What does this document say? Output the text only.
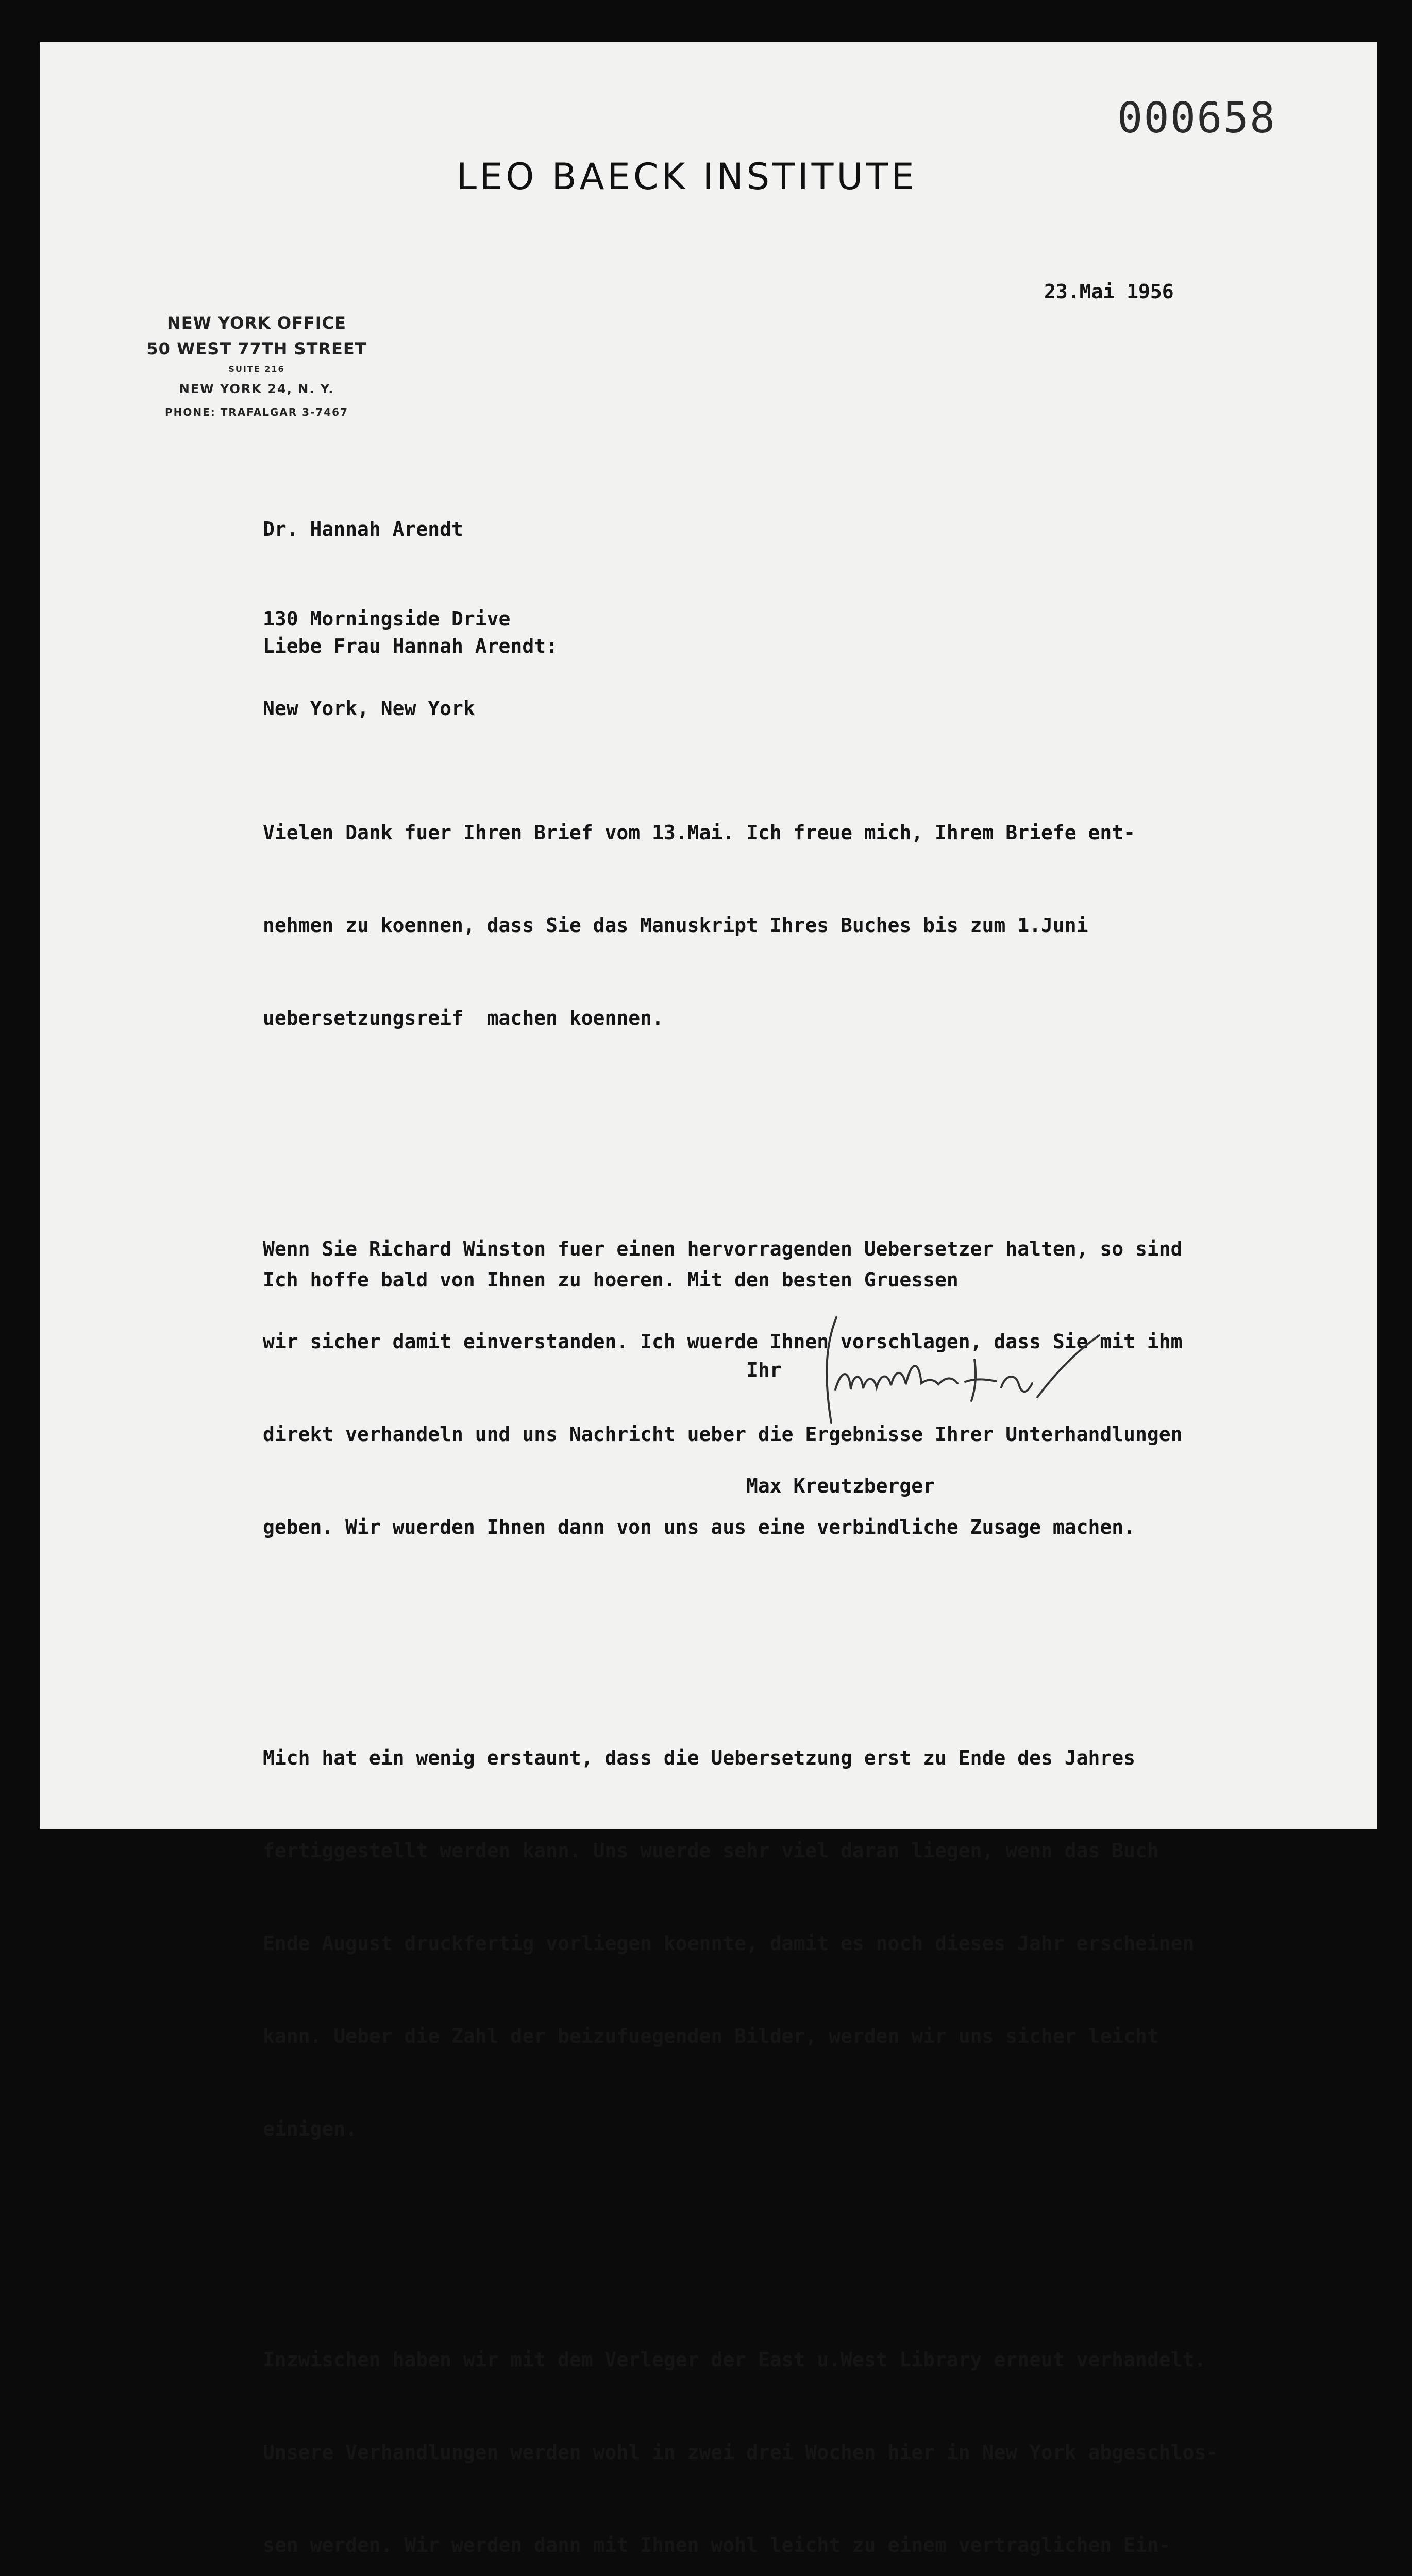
000658
LEO BAECK INSTITUTE
NEW YORK OFFICE
50 WEST 77TH STREET
SUITE 216
NEW YORK 24, N. Y.
PHONE: TRAFALGAR 3-7467
23.Mai 1956

Dr. Hannah Arendt

130 Morningside Drive

New York, New York

Liebe Frau Hannah Arendt:

Vielen Dank fuer Ihren Brief vom 13.Mai. Ich freue mich, Ihrem Briefe ent-

nehmen zu koennen, dass Sie das Manuskript Ihres Buches bis zum 1.Juni

uebersetzungsreif  machen koennen.

Wenn Sie Richard Winston fuer einen hervorragenden Uebersetzer halten, so sind

wir sicher damit einverstanden. Ich wuerde Ihnen vorschlagen, dass Sie mit ihm

direkt verhandeln und uns Nachricht ueber die Ergebnisse Ihrer Unterhandlungen

geben. Wir wuerden Ihnen dann von uns aus eine verbindliche Zusage machen.

Mich hat ein wenig erstaunt, dass die Uebersetzung erst zu Ende des Jahres

fertiggestellt werden kann. Uns wuerde sehr viel daran liegen, wenn das Buch

Ende August druckfertig vorliegen koennte, damit es noch dieses Jahr erscheinen

kann. Ueber die Zahl der beizufuegenden Bilder, werden wir uns sicher leicht

einigen.

Inzwischen haben wir mit dem Verleger der East u.West Library erneut verhandelt.

Unsere Verhandlungen werden wohl in zwei drei Wochen hier in New York abgeschlos-

sen werden. Wir werden dann mit Ihnen wohl leicht zu einem vertraglichen Ein-

Ich hoffe bald von Ihnen zu hoeren. Mit den besten Gruessen
Ihr
Max Kreutzberger
